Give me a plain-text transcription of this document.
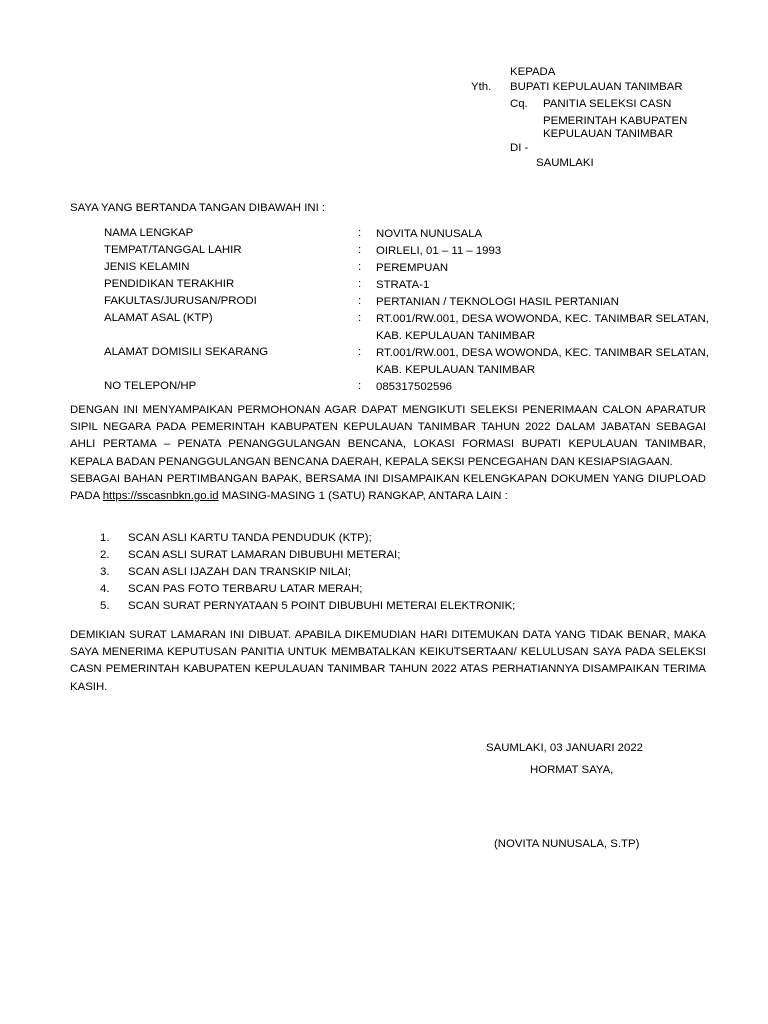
KEPADA
Yth. BUPATI KEPULAUAN TANIMBAR
Cq. PANITIA SELEKSI CASN
PEMERINTAH KABUPATEN
KEPULAUAN TANIMBAR
DI -
SAUMLAKI
SAYA YANG BERTANDA TANGAN DIBAWAH INI :
NAMA LENGKAP	: NOVITA NUNUSALA
TEMPAT/TANGGAL LAHIR	: OIRLELI, 01 – 11 – 1993
JENIS KELAMIN	: PEREMPUAN
PENDIDIKAN TERAKHIR	: STRATA-1
FAKULTAS/JURUSAN/PRODI	: PERTANIAN / TEKNOLOGI HASIL PERTANIAN
ALAMAT ASAL (KTP)	: RT.001/RW.001, DESA WOWONDA, KEC. TANIMBAR SELATAN, KAB. KEPULAUAN TANIMBAR
ALAMAT DOMISILI SEKARANG	: RT.001/RW.001, DESA WOWONDA, KEC. TANIMBAR SELATAN, KAB. KEPULAUAN TANIMBAR
NO TELEPON/HP	: 085317502596

DENGAN INI MENYAMPAIKAN PERMOHONAN AGAR DAPAT MENGIKUTI SELEKSI PENERIMAAN CALON APARATUR SIPIL NEGARA PADA PEMERINTAH KABUPATEN KEPULAUAN TANIMBAR TAHUN 2022 DALAM JABATAN SEBAGAI AHLI PERTAMA – PENATA PENANGGULANGAN BENCANA, LOKASI FORMASI BUPATI KEPULAUAN TANIMBAR, KEPALA BADAN PENANGGULANGAN BENCANA DAERAH, KEPALA SEKSI PENCEGAHAN DAN KESIAPSIAGAAN.

SEBAGAI BAHAN PERTIMBANGAN BAPAK, BERSAMA INI DISAMPAIKAN KELENGKAPAN DOKUMEN YANG DIUPLOAD PADA https://sscasnbkn.go.id MASING-MASING 1 (SATU) RANGKAP, ANTARA LAIN :

1. SCAN ASLI KARTU TANDA PENDUDUK (KTP);
2. SCAN ASLI SURAT LAMARAN DIBUBUHI METERAI;
3. SCAN ASLI IJAZAH DAN TRANSKIP NILAI;
4. SCAN PAS FOTO TERBARU LATAR MERAH;
5. SCAN SURAT PERNYATAAN 5 POINT DIBUBUHI METERAI ELEKTRONIK;
DEMIKIAN SURAT LAMARAN INI DIBUAT. APABILA DIKEMUDIAN HARI DITEMUKAN DATA YANG TIDAK BENAR, MAKA SAYA MENERIMA KEPUTUSAN PANITIA UNTUK MEMBATALKAN KEIKUTSERTAAN/ KELULUSAN SAYA PADA SELEKSI CASN PEMERINTAH KABUPATEN KEPULAUAN TANIMBAR TAHUN 2022 ATAS PERHATIANNYA DISAMPAIKAN TERIMA KASIH.
SAUMLAKI, 03 JANUARI 2022
HORMAT SAYA,
(NOVITA NUNUSALA, S.TP)
